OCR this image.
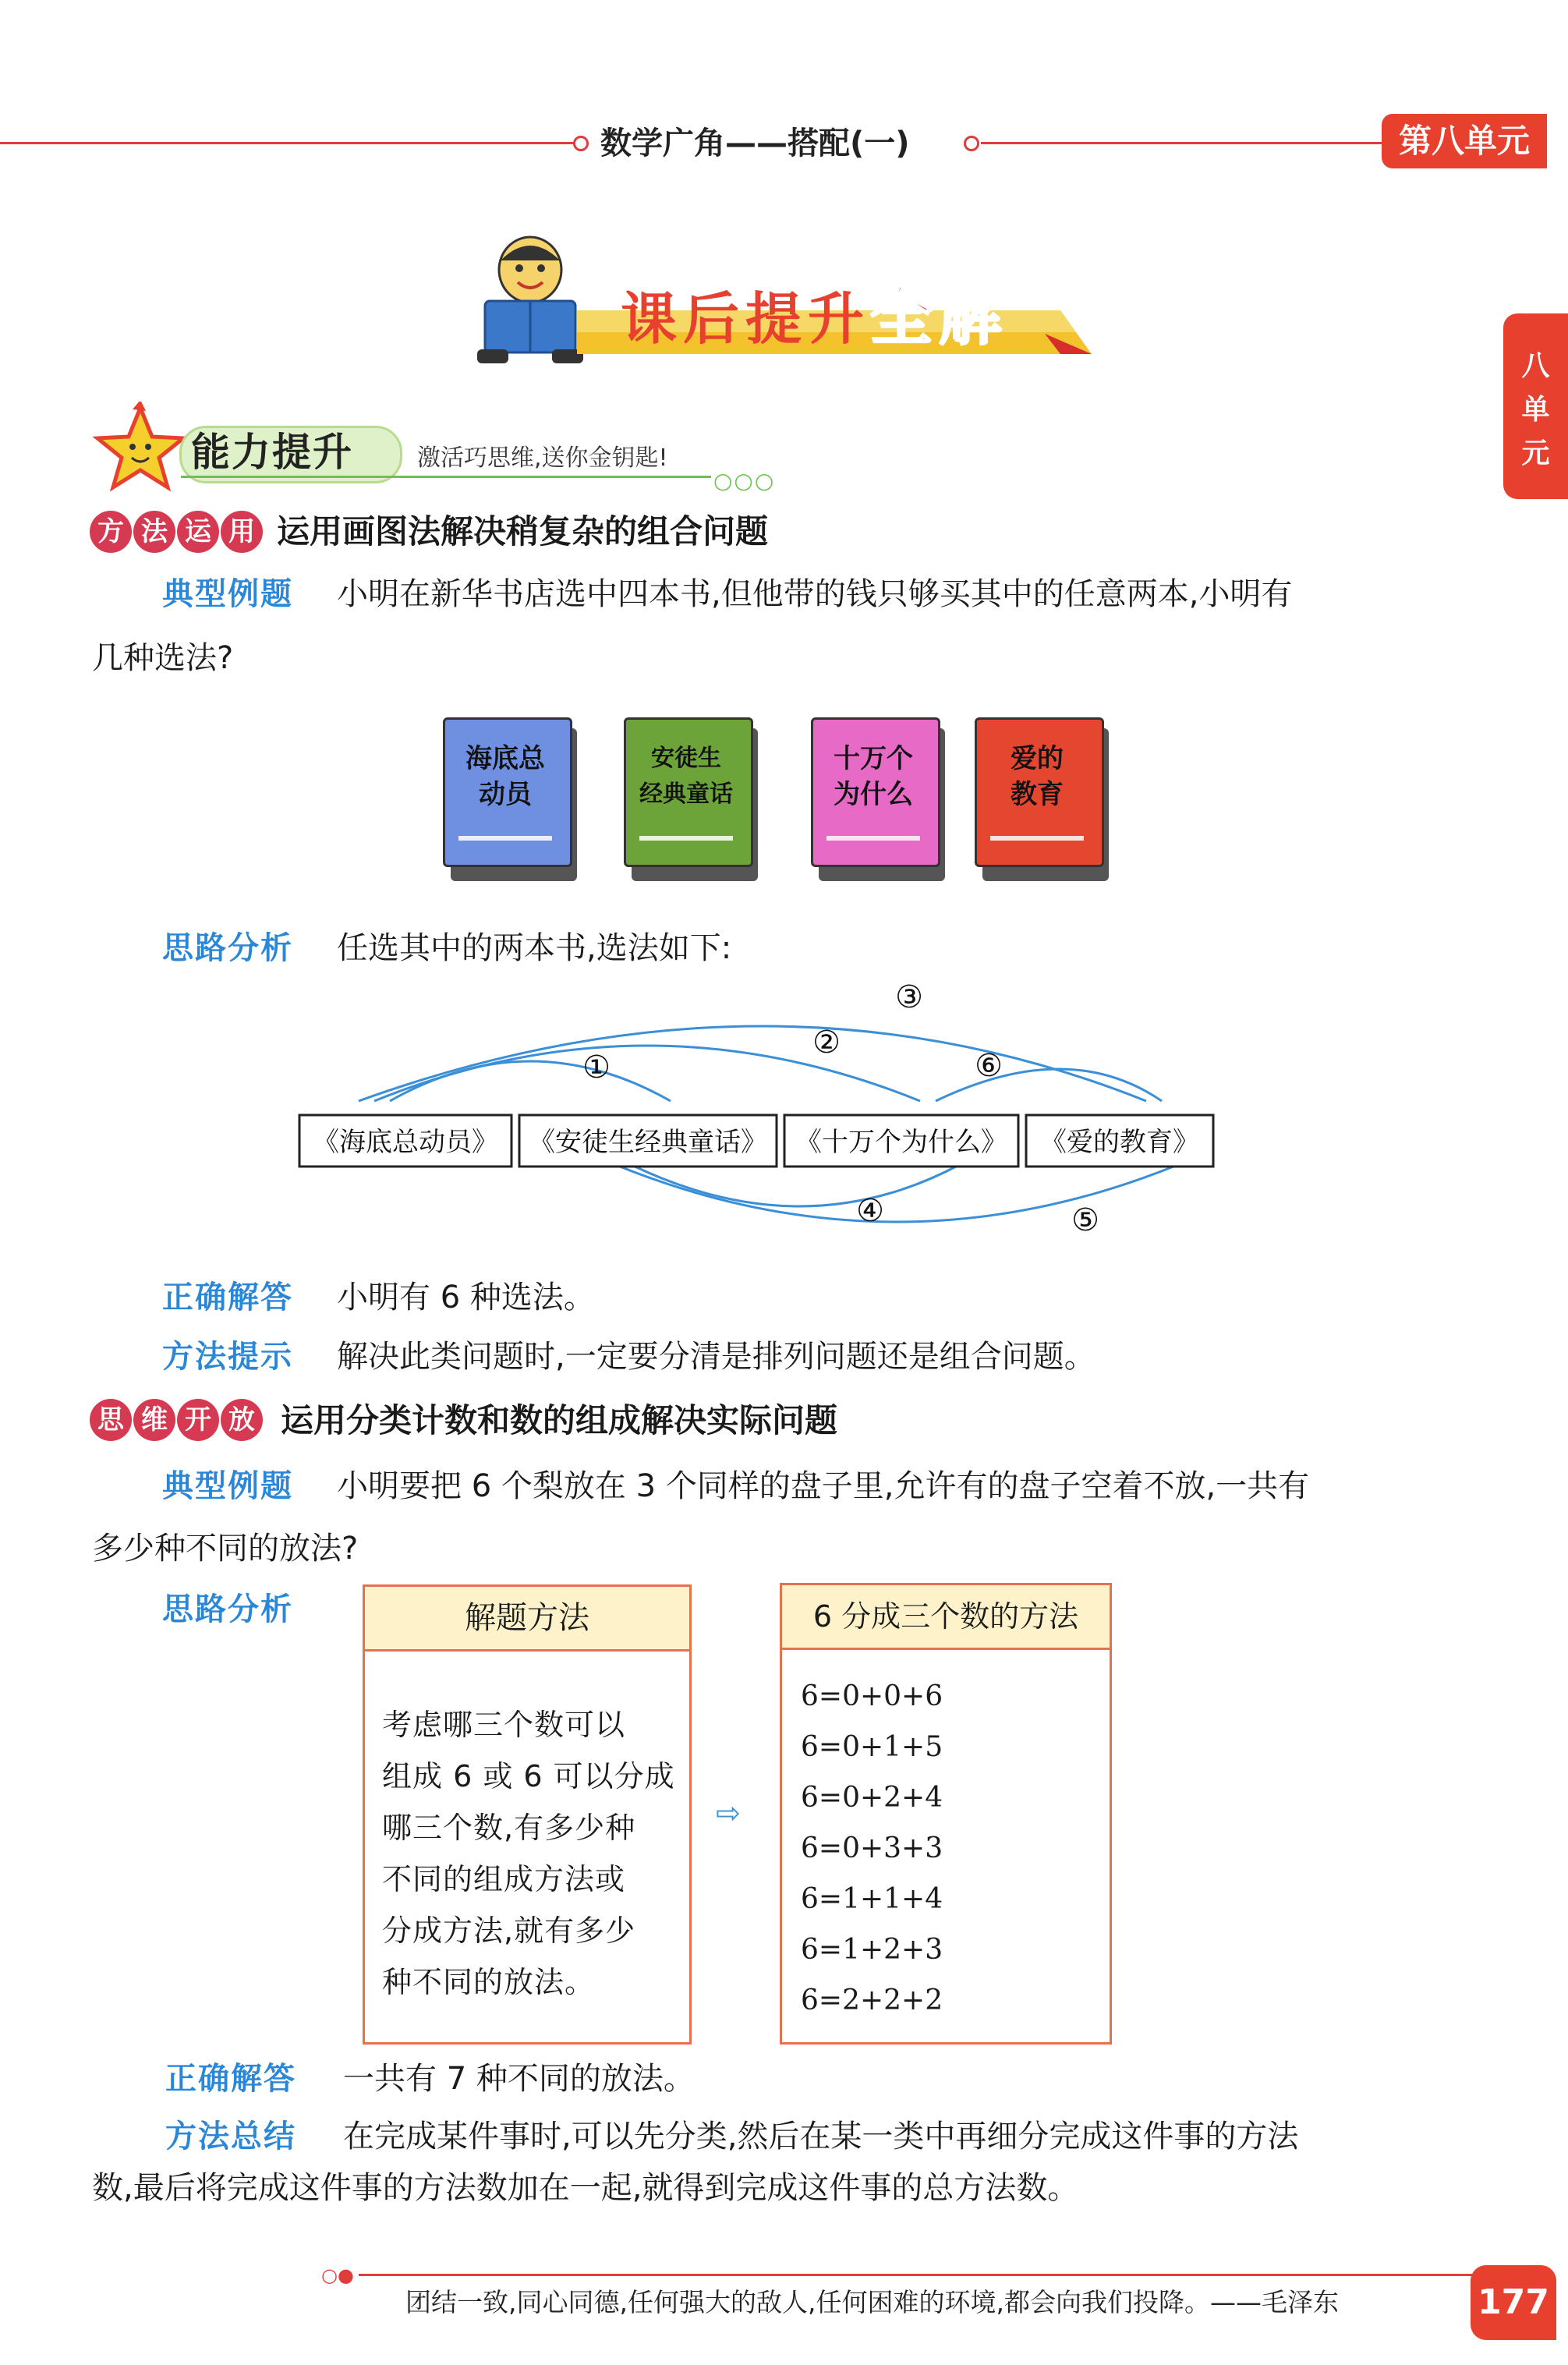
数学广角——搭配(一)	第八单元
八
单
元
课后提升全解
能力提升	激活巧思维,送你金钥匙!
○○○
方 法 运 用 运用画图法解决稍复杂的组合问题
典型例题 小明在新华书店选中四本书,但他带的钱只够买其中的任意两本,小明有
几种选法?
海底总
动员
安徒生
经典童话
十万个
为什么
爱的
教育
思路分析 任选其中的两本书,选法如下:
《海底总动员》 《安徒生经典童话》 《十万个为什么》 《爱的教育》
①
②
③
④	⑤
⑥
正确解答 小明有 6 种选法。
方法提示 解决此类问题时,一定要分清是排列问题还是组合问题。
思 维 开 放 运用分类计数和数的组成解决实际问题
典型例题 小明要把 6 个梨放在 3 个同样的盘子里,允许有的盘子空着不放,一共有
多少种不同的放法?
思路分析	解题方法
考虑哪三个数可以
组成 6 或 6 可以分成
哪三个数,有多少种
不同的组成方法或
分成方法,就有多少
种不同的放法。
⇨
6 分成三个数的方法
6=0+0+6
6=0+1+5
6=0+2+4
6=0+3+3
6=1+1+4
6=1+2+3
6=2+2+2
正确解答 一共有 7 种不同的放法。
方法总结 在完成某件事时,可以先分类,然后在某一类中再细分完成这件事的方法
数,最后将完成这件事的方法数加在一起,就得到完成这件事的总方法数。
○●
团结一致,同心同德,任何强大的敌人,任何困难的环境,都会向我们投降。——毛泽东	177
